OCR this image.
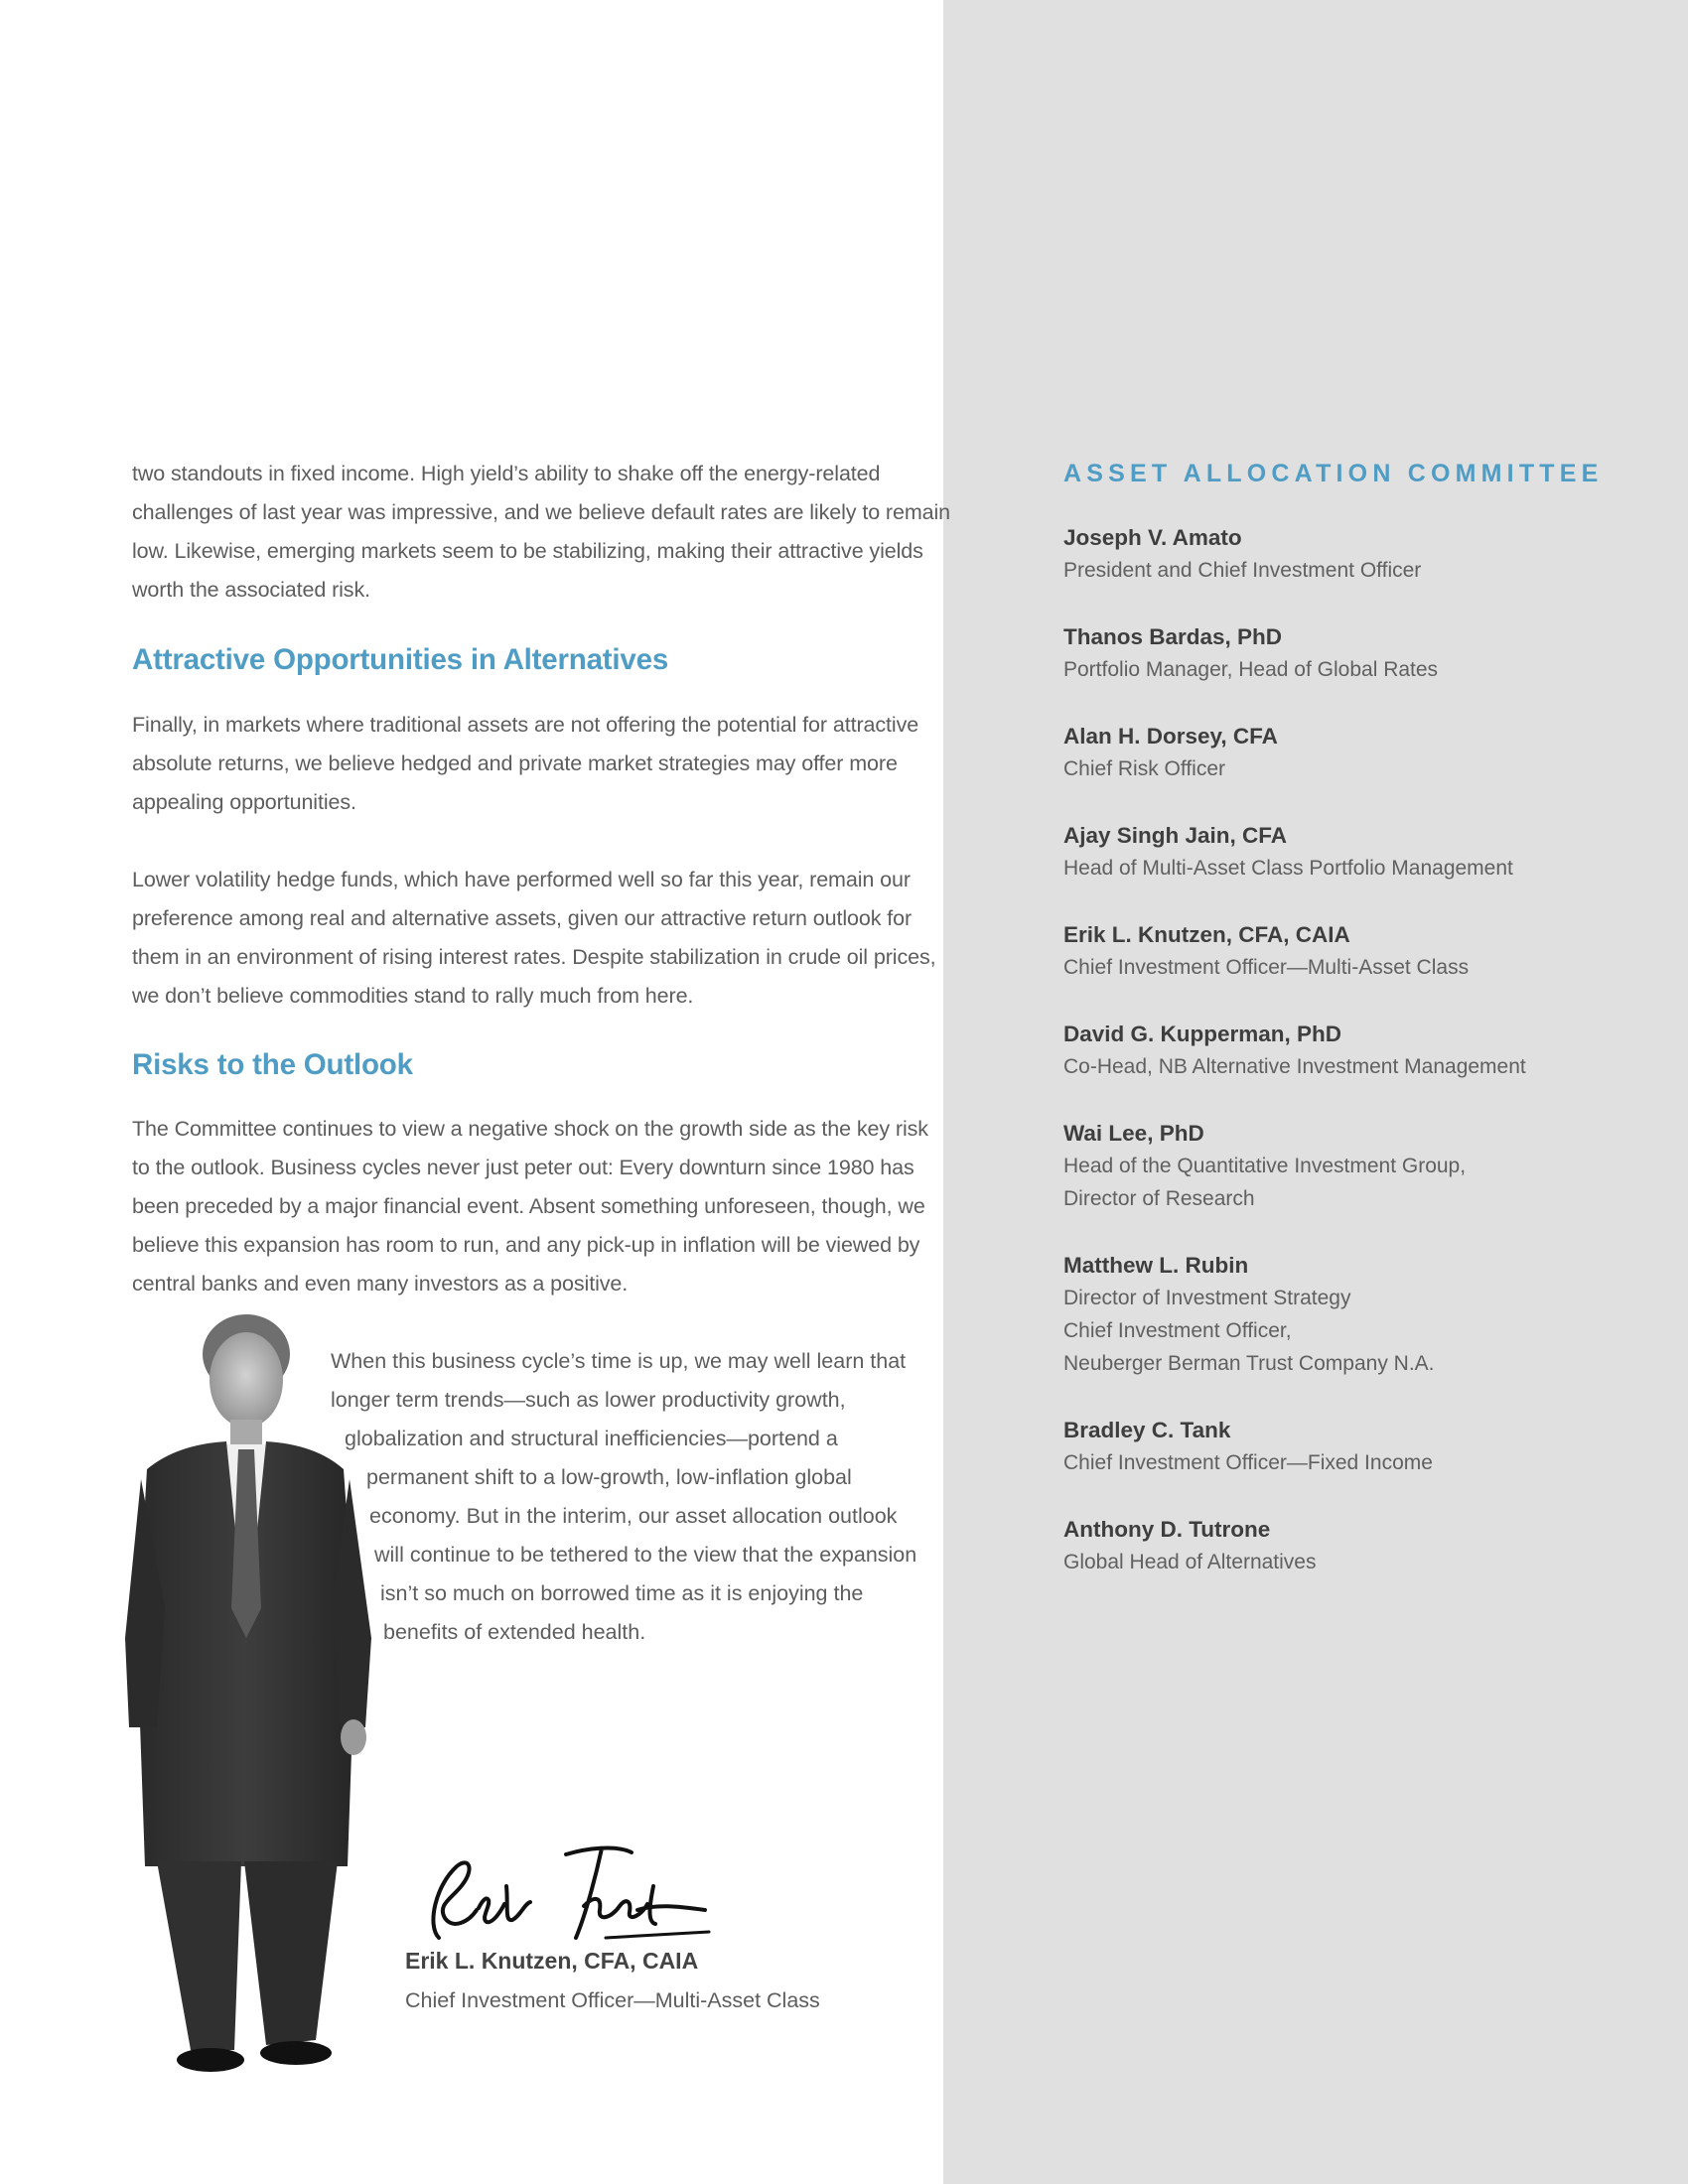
two standouts in fixed income. High yield’s ability to shake off the energy-related

challenges of last year was impressive, and we believe default rates are likely to remain

low. Likewise, emerging markets seem to be stabilizing, making their attractive yields

worth the associated risk.

Attractive Opportunities in Alternatives

Finally, in markets where traditional assets are not offering the potential for attractive

absolute returns, we believe hedged and private market strategies may offer more

appealing opportunities.

Lower volatility hedge funds, which have performed well so far this year, remain our

preference among real and alternative assets, given our attractive return outlook for

them in an environment of rising interest rates. Despite stabilization in crude oil prices,

we don’t believe commodities stand to rally much from here.

Risks to the Outlook

The Committee continues to view a negative shock on the growth side as the key risk

to the outlook. Business cycles never just peter out: Every downturn since 1980 has

been preceded by a major financial event. Absent something unforeseen, though, we

believe this expansion has room to run, and any pick-up in inflation will be viewed by

central banks and even many investors as a positive.

When this business cycle’s time is up, we may well learn that
longer term trends—such as lower productivity growth,
globalization and structural inefficiencies—portend a
permanent shift to a low-growth, low-inflation global
economy. But in the interim, our asset allocation outlook
will continue to be tethered to the view that the expansion
isn’t so much on borrowed time as it is enjoying the
benefits of extended health.
Erik L. Knutzen, CFA, CAIA
Chief Investment Officer—Multi-Asset Class
ASSET ALLOCATION COMMITTEE
Joseph V. Amato
President and Chief Investment Officer
Thanos Bardas, PhD
Portfolio Manager, Head of Global Rates
Alan H. Dorsey, CFA
Chief Risk Officer
Ajay Singh Jain, CFA
Head of Multi-Asset Class Portfolio Management
Erik L. Knutzen, CFA, CAIA
Chief Investment Officer—Multi-Asset Class
David G. Kupperman, PhD
Co-Head, NB Alternative Investment Management
Wai Lee, PhD
Head of the Quantitative Investment Group,
Director of Research
Matthew L. Rubin
Director of Investment Strategy
Chief Investment Officer,
Neuberger Berman Trust Company N.A.
Bradley C. Tank
Chief Investment Officer—Fixed Income
Anthony D. Tutrone
Global Head of Alternatives
